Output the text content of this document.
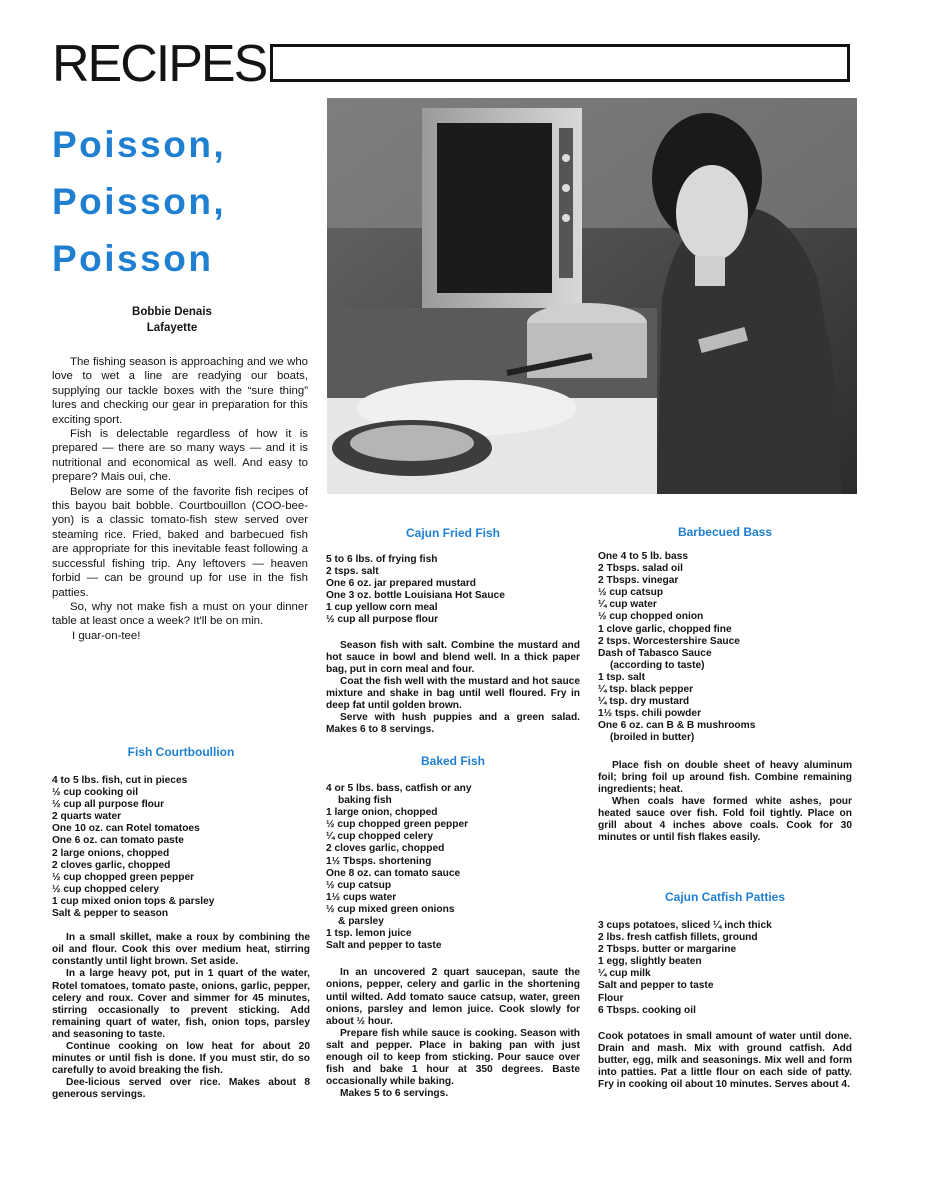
RECIPES
Poisson,
Poisson,
Poisson
Bobbie Denais
Lafayette

The fishing season is approaching and we who love to wet a line are readying our boats, supplying our tackle boxes with the “sure thing” lures and checking our gear in preparation for this exciting sport.

Fish is delectable regardless of how it is prepared — there are so many ways — and it is nutritional and economical as well. And easy to prepare? Mais oui, che.

Below are some of the favorite fish recipes of this bayou bait bobble. Courtbouillon (COO-bee-yon) is a classic tomato-fish stew served over steaming rice. Fried, baked and barbecued fish are appropriate for this inevitable feast following a successful fishing trip. Any leftovers — heaven forbid — can be ground up for use in the fish patties.

So, why not make fish a must on your dinner table at least once a week? It'll be on min.

I guar-on-tee!

Fish Courtboullion
4 to 5 lbs. fish, cut in pieces
½ cup cooking oil
½ cup all purpose flour
2 quarts water
One 10 oz. can Rotel tomatoes
One 6 oz. can tomato paste
2 large onions, chopped
2 cloves garlic, chopped
½ cup chopped green pepper
½ cup chopped celery
1 cup mixed onion tops & parsley
Salt & pepper to season

In a small skillet, make a roux by combining the oil and flour. Cook this over medium heat, stirring constantly until light brown. Set aside.

In a large heavy pot, put in 1 quart of the water, Rotel tomatoes, tomato paste, onions, garlic, pepper, celery and roux. Cover and simmer for 45 minutes, stirring occasionally to prevent sticking. Add remaining quart of water, fish, onion tops, parsley and seasoning to taste.

Continue cooking on low heat for about 20 minutes or until fish is done. If you must stir, do so carefully to avoid breaking the fish.

Dee-licious served over rice. Makes about 8 generous servings.

Cajun Fried Fish
5 to 6 lbs. of frying fish
2 tsps. salt
One 6 oz. jar prepared mustard
One 3 oz. bottle Louisiana Hot Sauce
1 cup yellow corn meal
½ cup all purpose flour

Season fish with salt. Combine the mustard and hot sauce in bowl and blend well. In a thick paper bag, put in corn meal and four.

Coat the fish well with the mustard and hot sauce mixture and shake in bag until well floured. Fry in deep fat until golden brown.

Serve with hush puppies and a green salad. Makes 6 to 8 servings.

Baked Fish
4 or 5 lbs. bass, catfish or any
baking fish
1 large onion, chopped
½ cup chopped green pepper
¼ cup chopped celery
2 cloves garlic, chopped
1½ Tbsps. shortening
One 8 oz. can tomato sauce
½ cup catsup
1½ cups water
½ cup mixed green onions
& parsley
1 tsp. lemon juice
Salt and pepper to taste

In an uncovered 2 quart saucepan, saute the onions, pepper, celery and garlic in the shortening until wilted. Add tomato sauce catsup, water, green onions, parsley and lemon juice. Cook slowly for about ½ hour.

Prepare fish while sauce is cooking. Season with salt and pepper. Place in baking pan with just enough oil to keep from sticking. Pour sauce over fish and bake 1 hour at 350 degrees. Baste occasionally while baking.

Makes 5 to 6 servings.

Barbecued Bass
One 4 to 5 lb. bass
2 Tbsps. salad oil
2 Tbsps. vinegar
½ cup catsup
¼ cup water
½ cup chopped onion
1 clove garlic, chopped fine
2 tsps. Worcestershire Sauce
Dash of Tabasco Sauce
(according to taste)
1 tsp. salt
¼ tsp. black pepper
¼ tsp. dry mustard
1½ tsps. chili powder
One 6 oz. can B & B mushrooms
(broiled in butter)

Place fish on double sheet of heavy aluminum foil; bring foil up around fish. Combine remaining ingredients; heat.

When coals have formed white ashes, pour heated sauce over fish. Fold foil tightly. Place on grill about 4 inches above coals. Cook for 30 minutes or until fish flakes easily.

Cajun Catfish Patties
3 cups potatoes, sliced ¼ inch thick
2 lbs. fresh catfish fillets, ground
2 Tbsps. butter or margarine
1 egg, slightly beaten
¼ cup milk
Salt and pepper to taste
Flour
6 Tbsps. cooking oil

Cook potatoes in small amount of water until done. Drain and mash. Mix with ground catfish. Add butter, egg, milk and seasonings. Mix well and form into patties. Pat a little flour on each side of patty. Fry in cooking oil about 10 minutes. Serves about 4.
